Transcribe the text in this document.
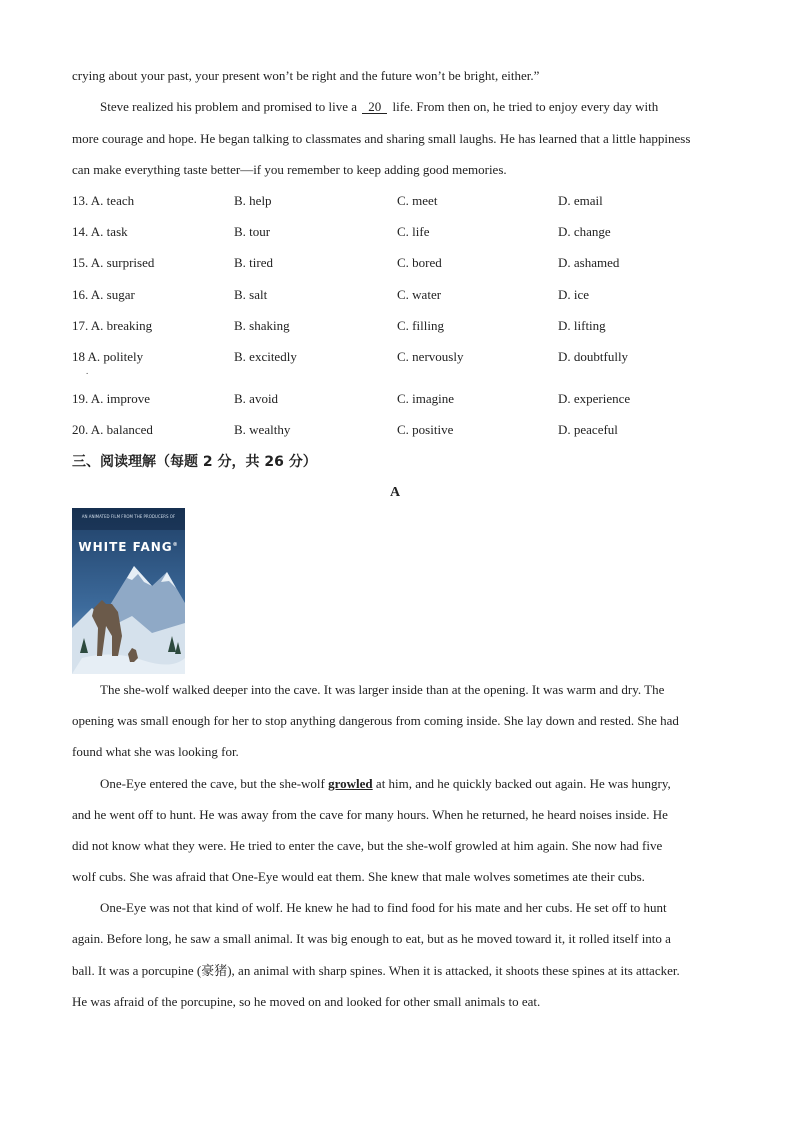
crying about your past, your present won’t be right and the future won’t be bright, either.”
Steve realized his problem and promised to live a 20 life. From then on, he tried to enjoy every day with
more courage and hope. He began talking to classmates and sharing small laughs. He has learned that a little happiness
can make everything taste better—if you remember to keep adding good memories.
13. A. teach	B. help	C. meet	D. email
14. A. task	B. tour	C. life	D. change
15. A. surprised	B. tired	C. bored	D. ashamed
16. A. sugar	B. salt	C. water	D. ice
17. A. breaking	B. shaking	C. filling	D. lifting
18 A. politely	B. excitedly	C. nervously	D. doubtfully
.
19. A. improve	B. avoid	C. imagine	D. experience
20. A. balanced	B. wealthy	C. positive	D. peaceful
三、阅读理解（每题 2 分，共 26 分）
A
AN ANIMATED FILM FROM THE PRODUCERS OF
WHITE FANG®
The she-wolf walked deeper into the cave. It was larger inside than at the opening. It was warm and dry. The
opening was small enough for her to stop anything dangerous from coming inside. She lay down and rested. She had
found what she was looking for.
One-Eye entered the cave, but the she-wolf growled at him, and he quickly backed out again. He was hungry,
and he went off to hunt. He was away from the cave for many hours. When he returned, he heard noises inside. He
did not know what they were. He tried to enter the cave, but the she-wolf growled at him again. She now had five
wolf cubs. She was afraid that One-Eye would eat them. She knew that male wolves sometimes ate their cubs.
One-Eye was not that kind of wolf. He knew he had to find food for his mate and her cubs. He set off to hunt
again. Before long, he saw a small animal. It was big enough to eat, but as he moved toward it, it rolled itself into a
ball. It was a porcupine (豪猪), an animal with sharp spines. When it is attacked, it shoots these spines at its attacker.
He was afraid of the porcupine, so he moved on and looked for other small animals to eat.
